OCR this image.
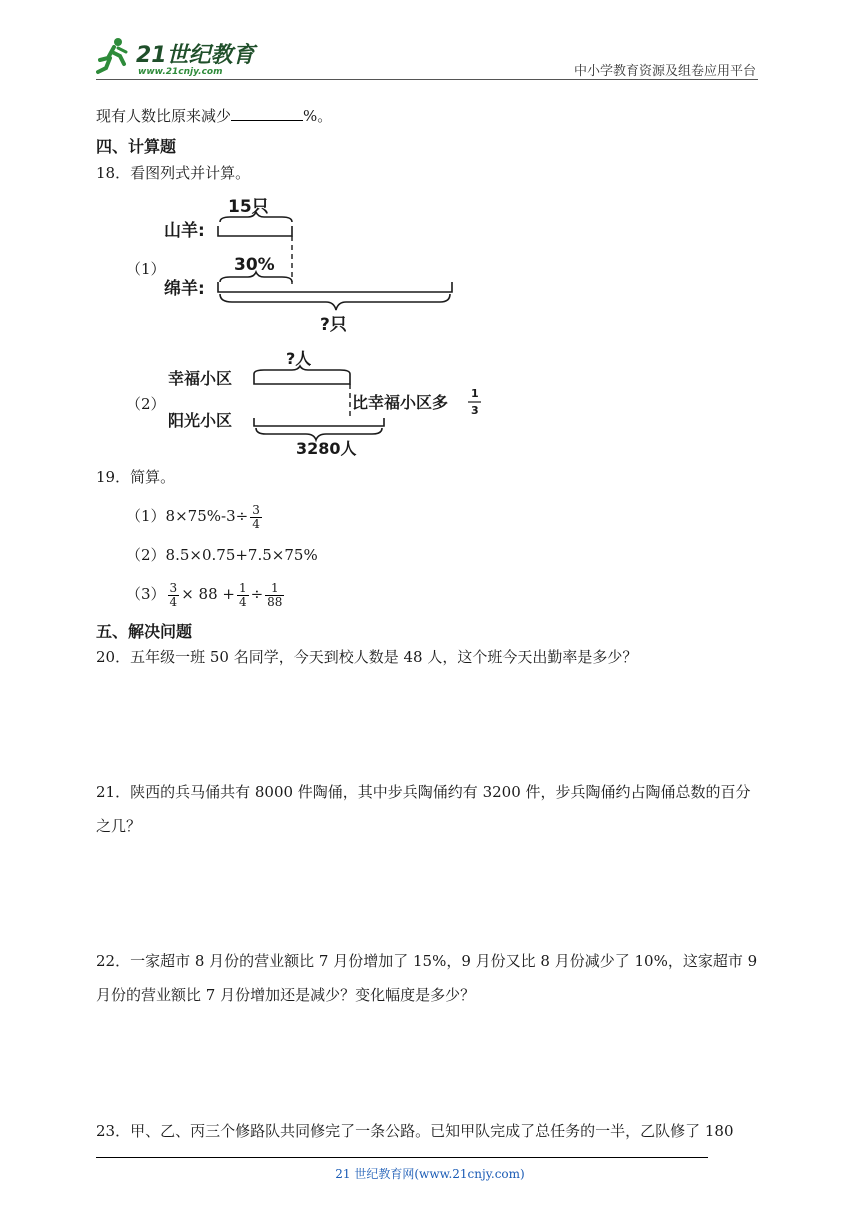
21世纪教育
www.21cnjy.com	中小学教育资源及组卷应用平台
现有人数比原来减少	%。
四、计算题
18．看图列式并计算。
（1）
山羊:
15只
绵羊:
30%
?只
（2）
幸福小区
?人
比幸福小区多 1
3
阳光小区
3280人
19．简算。
$(1)8\times 75\%-3\div \frac{3}{4}$
（2）8.5×0.75+7.5×75%
$(3) \frac{3}{4} \times 88 + \frac{1}{4} \div \frac{1}{88}$
五、解决问题
20．五年级一班 50 名同学，今天到校人数是 48 人，这个班今天出勤率是多少？
21．陕西的兵马俑共有 8000 件陶俑，其中步兵陶俑约有 3200 件，步兵陶俑约占陶俑总数的百分
之几？
22．一家超市 8 月份的营业额比 7 月份增加了 15%，9 月份又比 8 月份减少了 10%，这家超市 9
月份的营业额比 7 月份增加还是减少？变化幅度是多少？
23．甲、乙、丙三个修路队共同修完了一条公路。已知甲队完成了总任务的一半，乙队修了 180
21 世纪教育网(www.21cnjy.com)
